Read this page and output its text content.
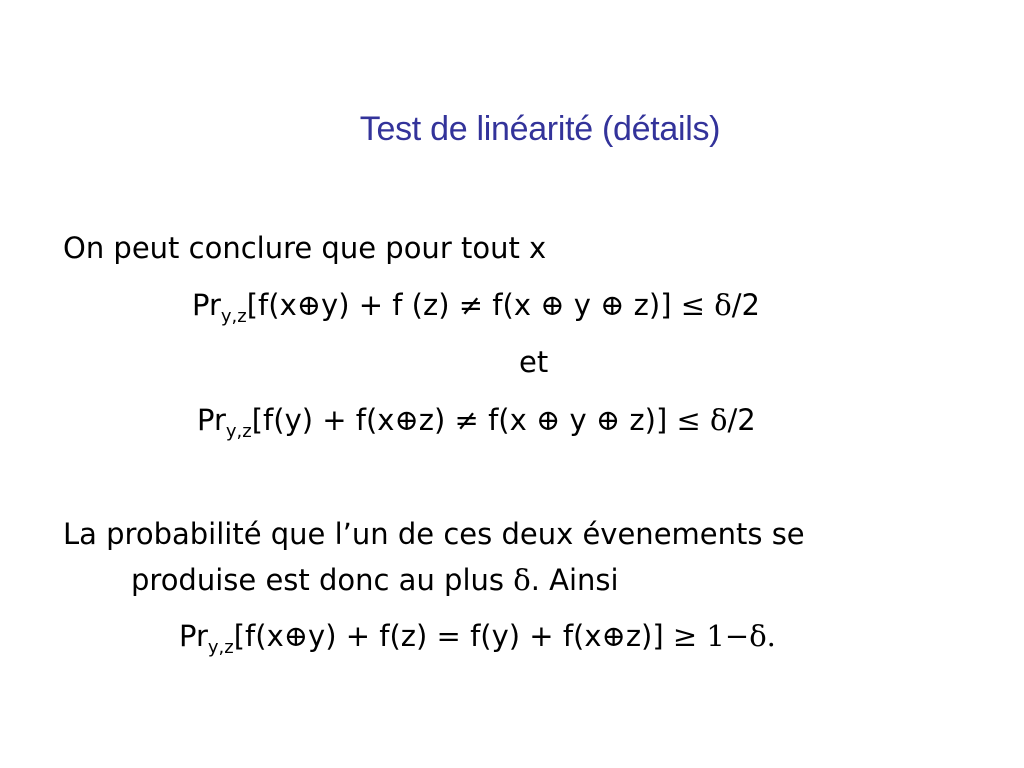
Test de linéarité (détails)
On peut conclure que pour tout x
$Pr_{y,z}[f(x\oplus y) + f$ (z) ≠ f(x ⊕ y ⊕ z)] ≤ δ/2
et
$Pr_{y,z}[f(y)$ + f(x⊕z) ≠ f(x ⊕ y ⊕ z)] ≤ δ/2
La probabilité que l’un de ces deux évenements se
produise est donc au plus δ. Ainsi
$Pr_{y,z}[f(x\oplus y) + f(z) = f(y)$ + f(x⊕z)] ≥ 1−δ.
